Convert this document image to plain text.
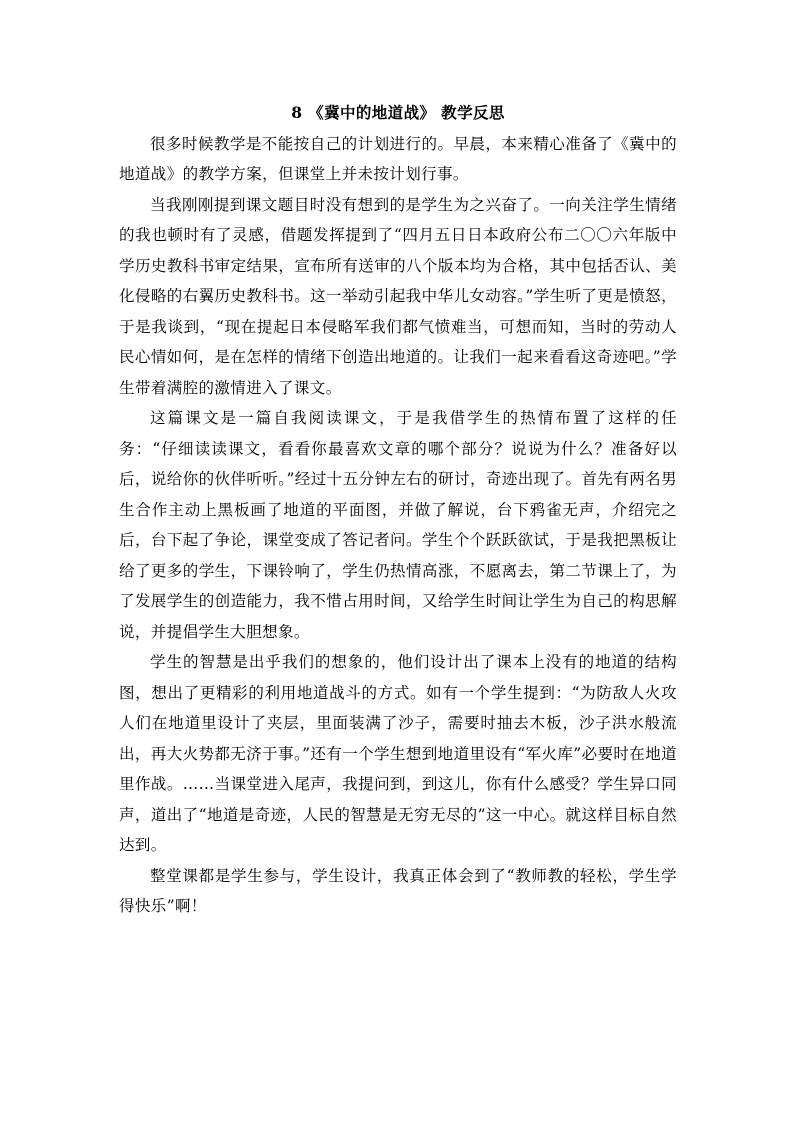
8 《冀中的地道战》 教学反思

很多时候教学是不能按自己的计划进行的。早晨，本来精心准备了《冀中的地道战》的教学方案，但课堂上并未按计划行事。

当我刚刚提到课文题目时没有想到的是学生为之兴奋了。一向关注学生情绪的我也顿时有了灵感，借题发挥提到了“四月五日日本政府公布二〇〇六年版中学历史教科书审定结果，宣布所有送审的八个版本均为合格，其中包括否认、美化侵略的右翼历史教科书。这一举动引起我中华儿女动容。”学生听了更是愤怒，于是我谈到，“现在提起日本侵略军我们都气愤难当，可想而知，当时的劳动人民心情如何，是在怎样的情绪下创造出地道的。让我们一起来看看这奇迹吧。”学生带着满腔的激情进入了课文。

这篇课文是一篇自我阅读课文，于是我借学生的热情布置了这样的任务：“仔细读读课文，看看你最喜欢文章的哪个部分？说说为什么？准备好以后，说给你的伙伴听听。”经过十五分钟左右的研讨，奇迹出现了。首先有两名男生合作主动上黑板画了地道的平面图，并做了解说，台下鸦雀无声，介绍完之后，台下起了争论，课堂变成了答记者问。学生个个跃跃欲试，于是我把黑板让给了更多的学生，下课铃响了，学生仍热情高涨，不愿离去，第二节课上了，为了发展学生的创造能力，我不惜占用时间，又给学生时间让学生为自己的构思解说，并提倡学生大胆想象。

学生的智慧是出乎我们的想象的，他们设计出了课本上没有的地道的结构图，想出了更精彩的利用地道战斗的方式。如有一个学生提到：“为防敌人火攻人们在地道里设计了夹层，里面装满了沙子，需要时抽去木板，沙子洪水般流出，再大火势都无济于事。”还有一个学生想到地道里设有“军火库”必要时在地道里作战。……当课堂进入尾声，我提问到，到这儿，你有什么感受？学生异口同声，道出了“地道是奇迹，人民的智慧是无穷无尽的”这一中心。就这样目标自然达到。

整堂课都是学生参与，学生设计，我真正体会到了“教师教的轻松，学生学得快乐”啊！
